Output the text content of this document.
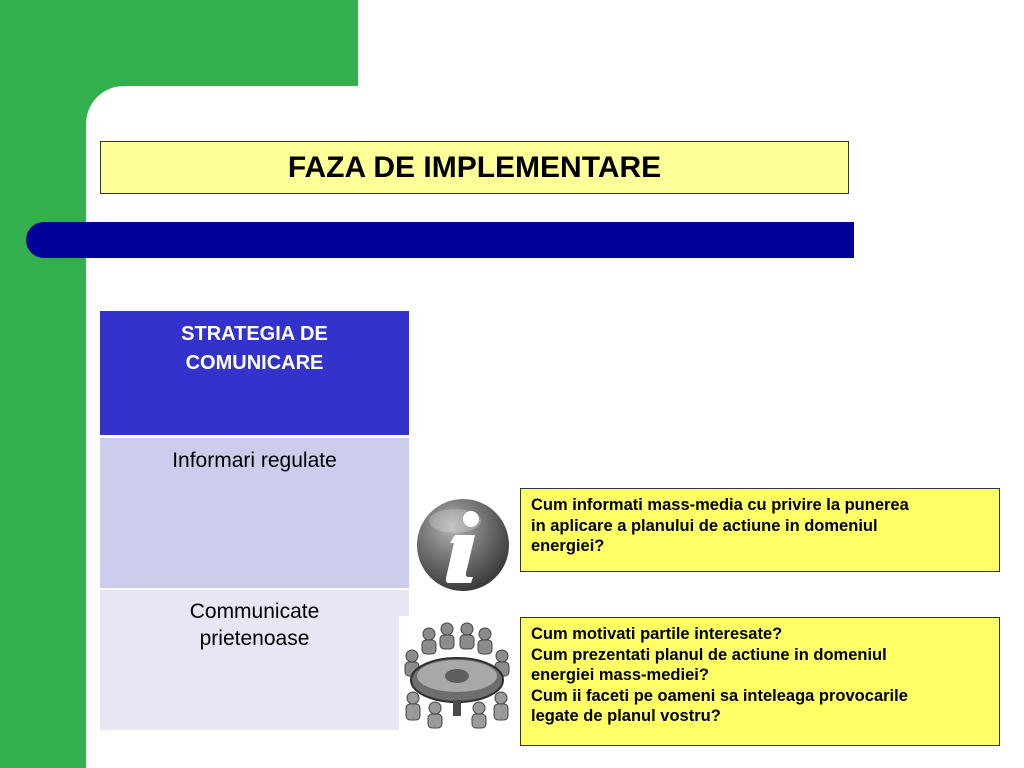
FAZA DE IMPLEMENTARE
STRATEGIA DE
COMUNICARE
Informari regulate
Communicate
prietenoase
Cum informati mass-media cu privire la punerea
in aplicare a planului de actiune in domeniul
energiei?
Cum motivati partile interesate?
Cum prezentati planul de actiune in domeniul
energiei mass-mediei?
Cum ii faceti pe oameni sa inteleaga provocarile
legate de planul vostru?
